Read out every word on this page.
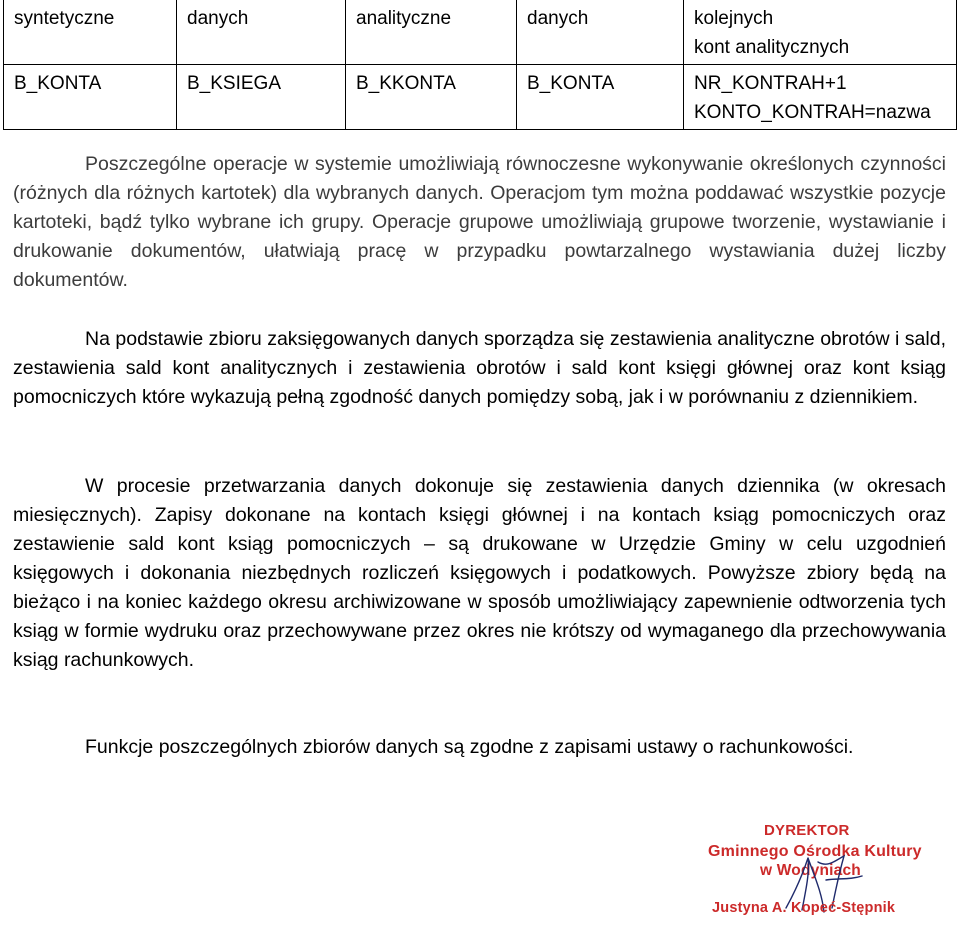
syntetyczne	danych	analityczne	danych	kolejnych
kont analitycznych
B_KONTA	B_KSIEGA	B_KKONTA	B_KONTA	NR_KONTRAH+1
KONTO_KONTRAH=nazwa

Poszczególne operacje w systemie umożliwiają równoczesne wykonywanie określonych czynności (różnych dla różnych kartotek) dla wybranych danych. Operacjom tym można poddawać wszystkie pozycje kartoteki, bądź tylko wybrane ich grupy. Operacje grupowe umożliwiają grupowe tworzenie, wystawianie i drukowanie dokumentów, ułatwiają pracę w przypadku powtarzalnego wystawiania dużej liczby dokumentów.

Na podstawie zbioru zaksięgowanych danych sporządza się zestawienia analityczne obrotów i sald, zestawienia sald kont analitycznych i zestawienia obrotów i sald kont księgi głównej oraz kont ksiąg pomocniczych które wykazują pełną zgodność danych pomiędzy sobą, jak i w porównaniu z dziennikiem.

W procesie przetwarzania danych dokonuje się zestawienia danych dziennika (w okresach miesięcznych). Zapisy dokonane na kontach księgi głównej i na kontach ksiąg pomocniczych oraz zestawienie sald kont ksiąg pomocniczych – są drukowane w Urzędzie Gminy w celu uzgodnień księgowych i dokonania niezbędnych rozliczeń księgowych i podatkowych. Powyższe zbiory będą na bieżąco i na koniec każdego okresu archiwizowane w sposób umożliwiający zapewnienie odtworzenia tych ksiąg w formie wydruku oraz przechowywane przez okres nie krótszy od wymaganego dla przechowywania ksiąg rachunkowych.

Funkcje poszczególnych zbiorów danych są zgodne z zapisami ustawy o rachunkowości.

DYREKTOR
Gminnego Ośrodka Kultury
w Wodyniach
Justyna A. Kopeć-Stępnik
